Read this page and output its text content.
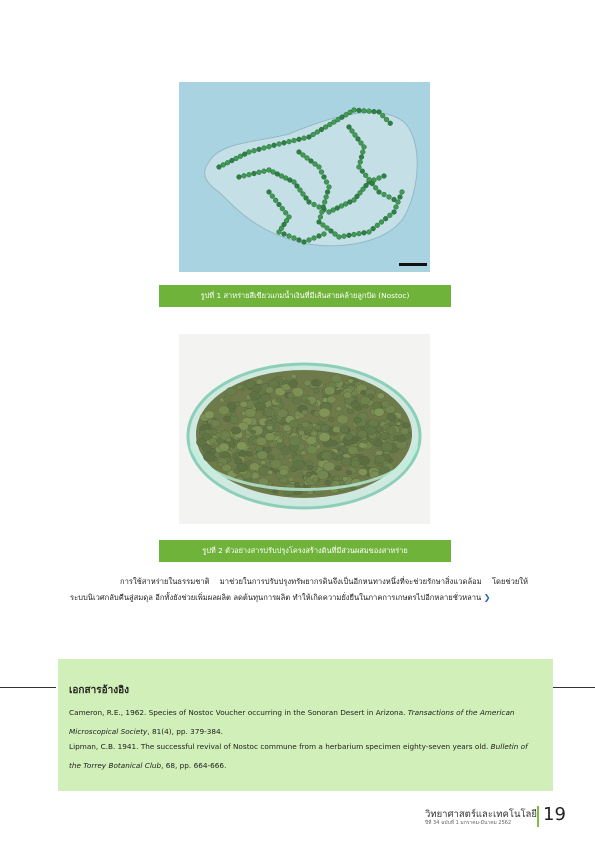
รูปที่ 1 สาหร่ายสีเขียวแกมน้ำเงินที่มีเส้นสายคล้ายลูกปัด (Nostoc)
รูปที่ 2 ตัวอย่างสารปรับปรุงโครงสร้างดินที่มีส่วนผสมของสาหร่าย
การใช้สาหร่ายในธรรมชาติ มาช่วยในการปรับปรุงทรัพยากรดินจึงเป็นอีกหนทางหนึ่งที่จะช่วยรักษาสิ่งแวดล้อม โดยช่วยให้ระบบนิเวศกลับคืนสู่สมดุล อีกทั้งยังช่วยเพิ่มผลผลิต ลดต้นทุนการผลิต ทำให้เกิดความยั่งยืนในภาคการเกษตรไปอีกหลายชั่วหลาน ❯
เอกสารอ้างอิง
Cameron, R.E., 1962. Species of Nostoc Voucher occurring in the Sonoran Desert in Arizona. Transactions of the American Microscopical Society, 81(4), pp. 379-384.
Lipman, C.B. 1941. The successful revival of Nostoc commune from a herbarium specimen eighty-seven years old. Bulletin of the Torrey Botanical Club, 68, pp. 664-666.
วิทยาศาสตร์และเทคโนโลยี
ปีที่ 34 ฉบับที่ 1 มกราคม-มีนาคม 2562 19
